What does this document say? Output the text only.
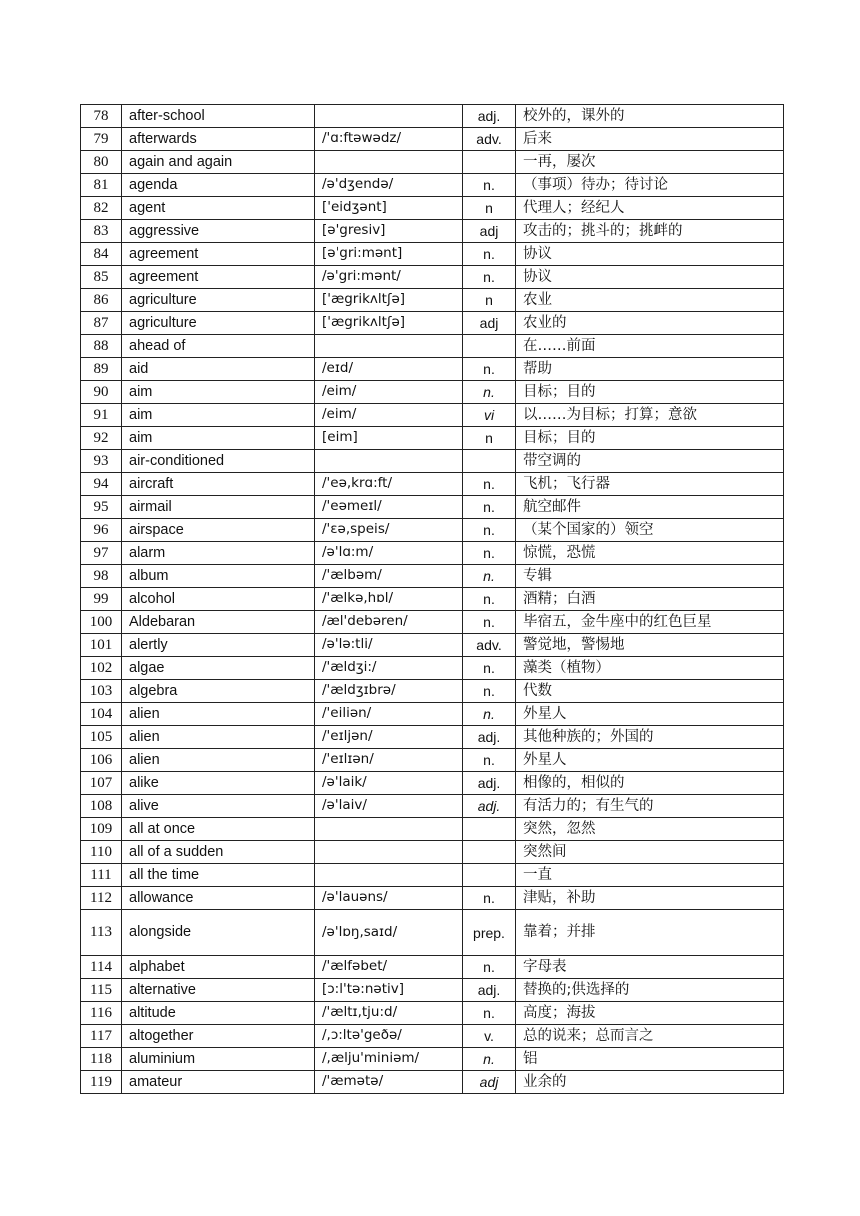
78	after-school		adj.	校外的，课外的
79	afterwards	/'ɑ:ftəwədz/	adv.	后来
80	again and again			一再，屡次
81	agenda	/ə'dʒendə/	n.	（事项）待办；待讨论
82	agent	['eidʒənt]	n	代理人；经纪人
83	aggressive	[ə'gresiv]	adj	攻击的；挑斗的；挑衅的
84	agreement	[əˈgri:mənt]	n.	协议
85	agreement	/ə'gri:mənt/	n.	协议
86	agriculture	['ægrikʌltʃə]	n	农业
87	agriculture	['ægrikʌltʃə]	adj	农业的
88	ahead of			在……前面
89	aid	/eɪd/	n.	帮助
90	aim	/eim/	n.	目标；目的
91	aim	/eim/	vi	以……为目标；打算；意欲
92	aim	[eim]	n	目标；目的
93	air-conditioned			带空调的
94	aircraft	/'eə,krɑ:ft/	n.	飞机；飞行器
95	airmail	/'eəmeɪl/	n.	航空邮件
96	airspace	/'ɛə,speis/	n.	（某个国家的）领空
97	alarm	/ə'lɑ:m/	n.	惊慌，恐慌
98	album	/'ælbəm/	n.	专辑
99	alcohol	/'ælkə,hɒl/	n.	酒精；白酒
100	Aldebaran	/æl'debəren/	n.	毕宿五，金牛座中的红色巨星
101	alertly	/ə'lə:tli/	adv.	警觉地，警惕地
102	algae	/'ældʒi:/	n.	藻类（植物）
103	algebra	/'ældʒɪbrə/	n.	代数
104	alien	/'eiliən/	n.	外星人
105	alien	/'eɪljən/	adj.	其他种族的；外国的
106	alien	/'eɪlɪən/	n.	外星人
107	alike	/ə'laik/	adj.	相像的，相似的
108	alive	/ə'laiv/	adj.	有活力的；有生气的
109	all at once			突然，忽然
110	all of a sudden			突然间
111	all the time			一直
112	allowance	/ə'lauəns/	n.	津贴，补助
113	alongside	/ə'lɒŋ,saɪd/	prep.	靠着；并排
114	alphabet	/'ælfəbet/	n.	字母表
115	alternative	[ɔ:l'tə:nətiv]	adj.	替换的;供选择的
116	altitude	/'æltɪ,tju:d/	n.	高度；海拔
117	altogether	/,ɔ:ltə'geðə/	v.	总的说来；总而言之
118	aluminium	/,ælju'miniəm/	n.	铝
119	amateur	/'æmətə/	adj	业余的
